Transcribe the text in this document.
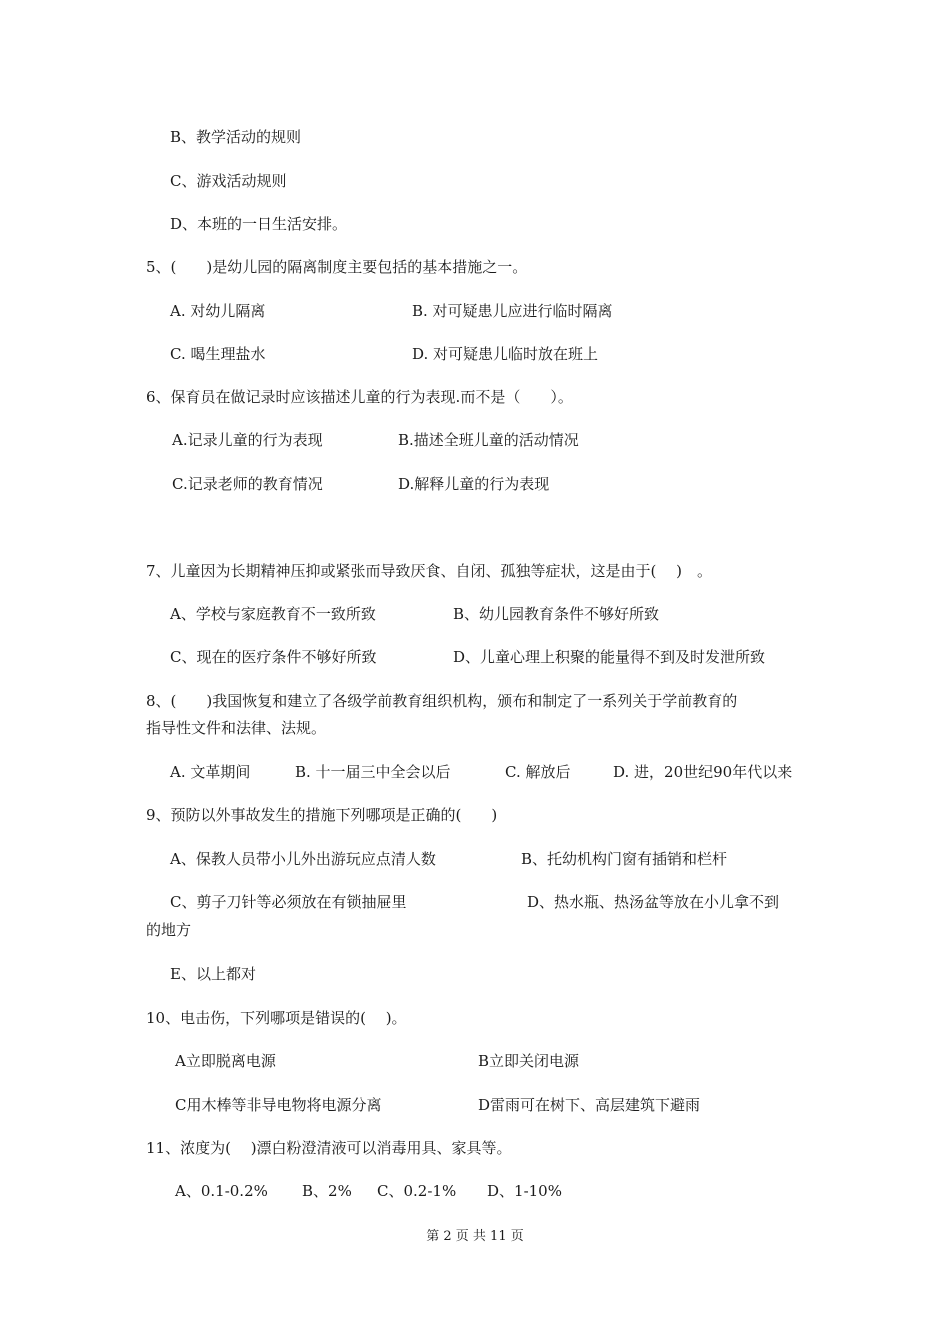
B、教学活动的规则
C、游戏活动规则
D、本班的一日生活安排。
5、(　　)是幼儿园的隔离制度主要包括的基本措施之一。
A. 对幼儿隔离	B. 对可疑患儿应进行临时隔离
C. 喝生理盐水	D. 对可疑患儿临时放在班上
6、保育员在做记录时应该描述儿童的行为表现.而不是（　　）。
A.记录儿童的行为表现	B.描述全班儿童的活动情况
C.记录老师的教育情况	D.解释儿童的行为表现
7、儿童因为长期精神压抑或紧张而导致厌食、自闭、孤独等症状，这是由于(　 )　。
A、学校与家庭教育不一致所致	B、幼儿园教育条件不够好所致
C、现在的医疗条件不够好所致	D、儿童心理上积聚的能量得不到及时发泄所致
8、(　　)我国恢复和建立了各级学前教育组织机构，颁布和制定了一系列关于学前教育的
指导性文件和法律、法规。
A. 文革期间	B. 十一届三中全会以后	C. 解放后	D. 进，20世纪90年代以来
9、预防以外事故发生的措施下列哪项是正确的(　　)
A、保教人员带小儿外出游玩应点清人数	B、托幼机构门窗有插销和栏杆
C、剪子刀针等必须放在有锁抽屉里	D、热水瓶、热汤盆等放在小儿拿不到
的地方
E、以上都对
10、电击伤，下列哪项是错误的(　 )。
A立即脱离电源	B立即关闭电源
C用木棒等非导电物将电源分离	D雷雨可在树下、高层建筑下避雨
11、浓度为(　 )漂白粉澄清液可以消毒用具、家具等。
A、0.1-0.2% B、2% C、0.2-1% D、1-10%
第 2 页 共 11 页
